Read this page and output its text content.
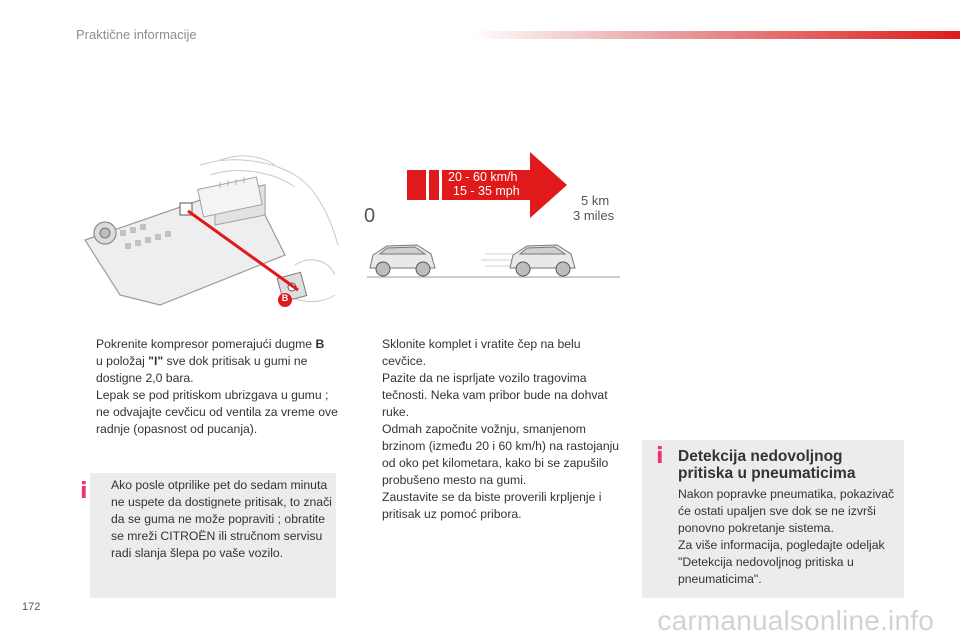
Praktične informacije
B
20 - 60 km/h
15 - 35 mph
0
5 km
3 miles

Pokrenite kompresor pomerajući dugme B
u položaj "I" sve dok pritisak u gumi ne dostigne 2,0 bara.

Lepak se pod pritiskom ubrizgava u gumu ; ne odvajajte cevčicu od ventila za vreme ove radnje (opasnost od pucanja).

i Ako posle otprilike pet do sedam minuta ne uspete da dostignete pritisak, to znači da se guma ne može popraviti ; obratite se mreži CITROËN ili stručnom servisu radi slanja šlepa po vaše vozilo.

Sklonite komplet i vratite čep na belu cevčice.

Pazite da ne isprljate vozilo tragovima tečnosti. Neka vam pribor bude na dohvat ruke.

Odmah započnite vožnju, smanjenom brzinom (između 20 i 60 km/h) na rastojanju od oko pet kilometara, kako bi se zapušilo probušeno mesto na gumi.

Zaustavite se da biste proverili krpljenje i pritisak uz pomoć pribora.

i Detekcija nedovoljnog pritiska u pneumaticima

Nakon popravke pneumatika, pokazivač će ostati upaljen sve dok se ne izvrši ponovno pokretanje sistema.

Za više informacija, pogledajte odeljak "Detekcija nedovoljnog pritiska u pneumaticima".

172	carmanualsonline.info
